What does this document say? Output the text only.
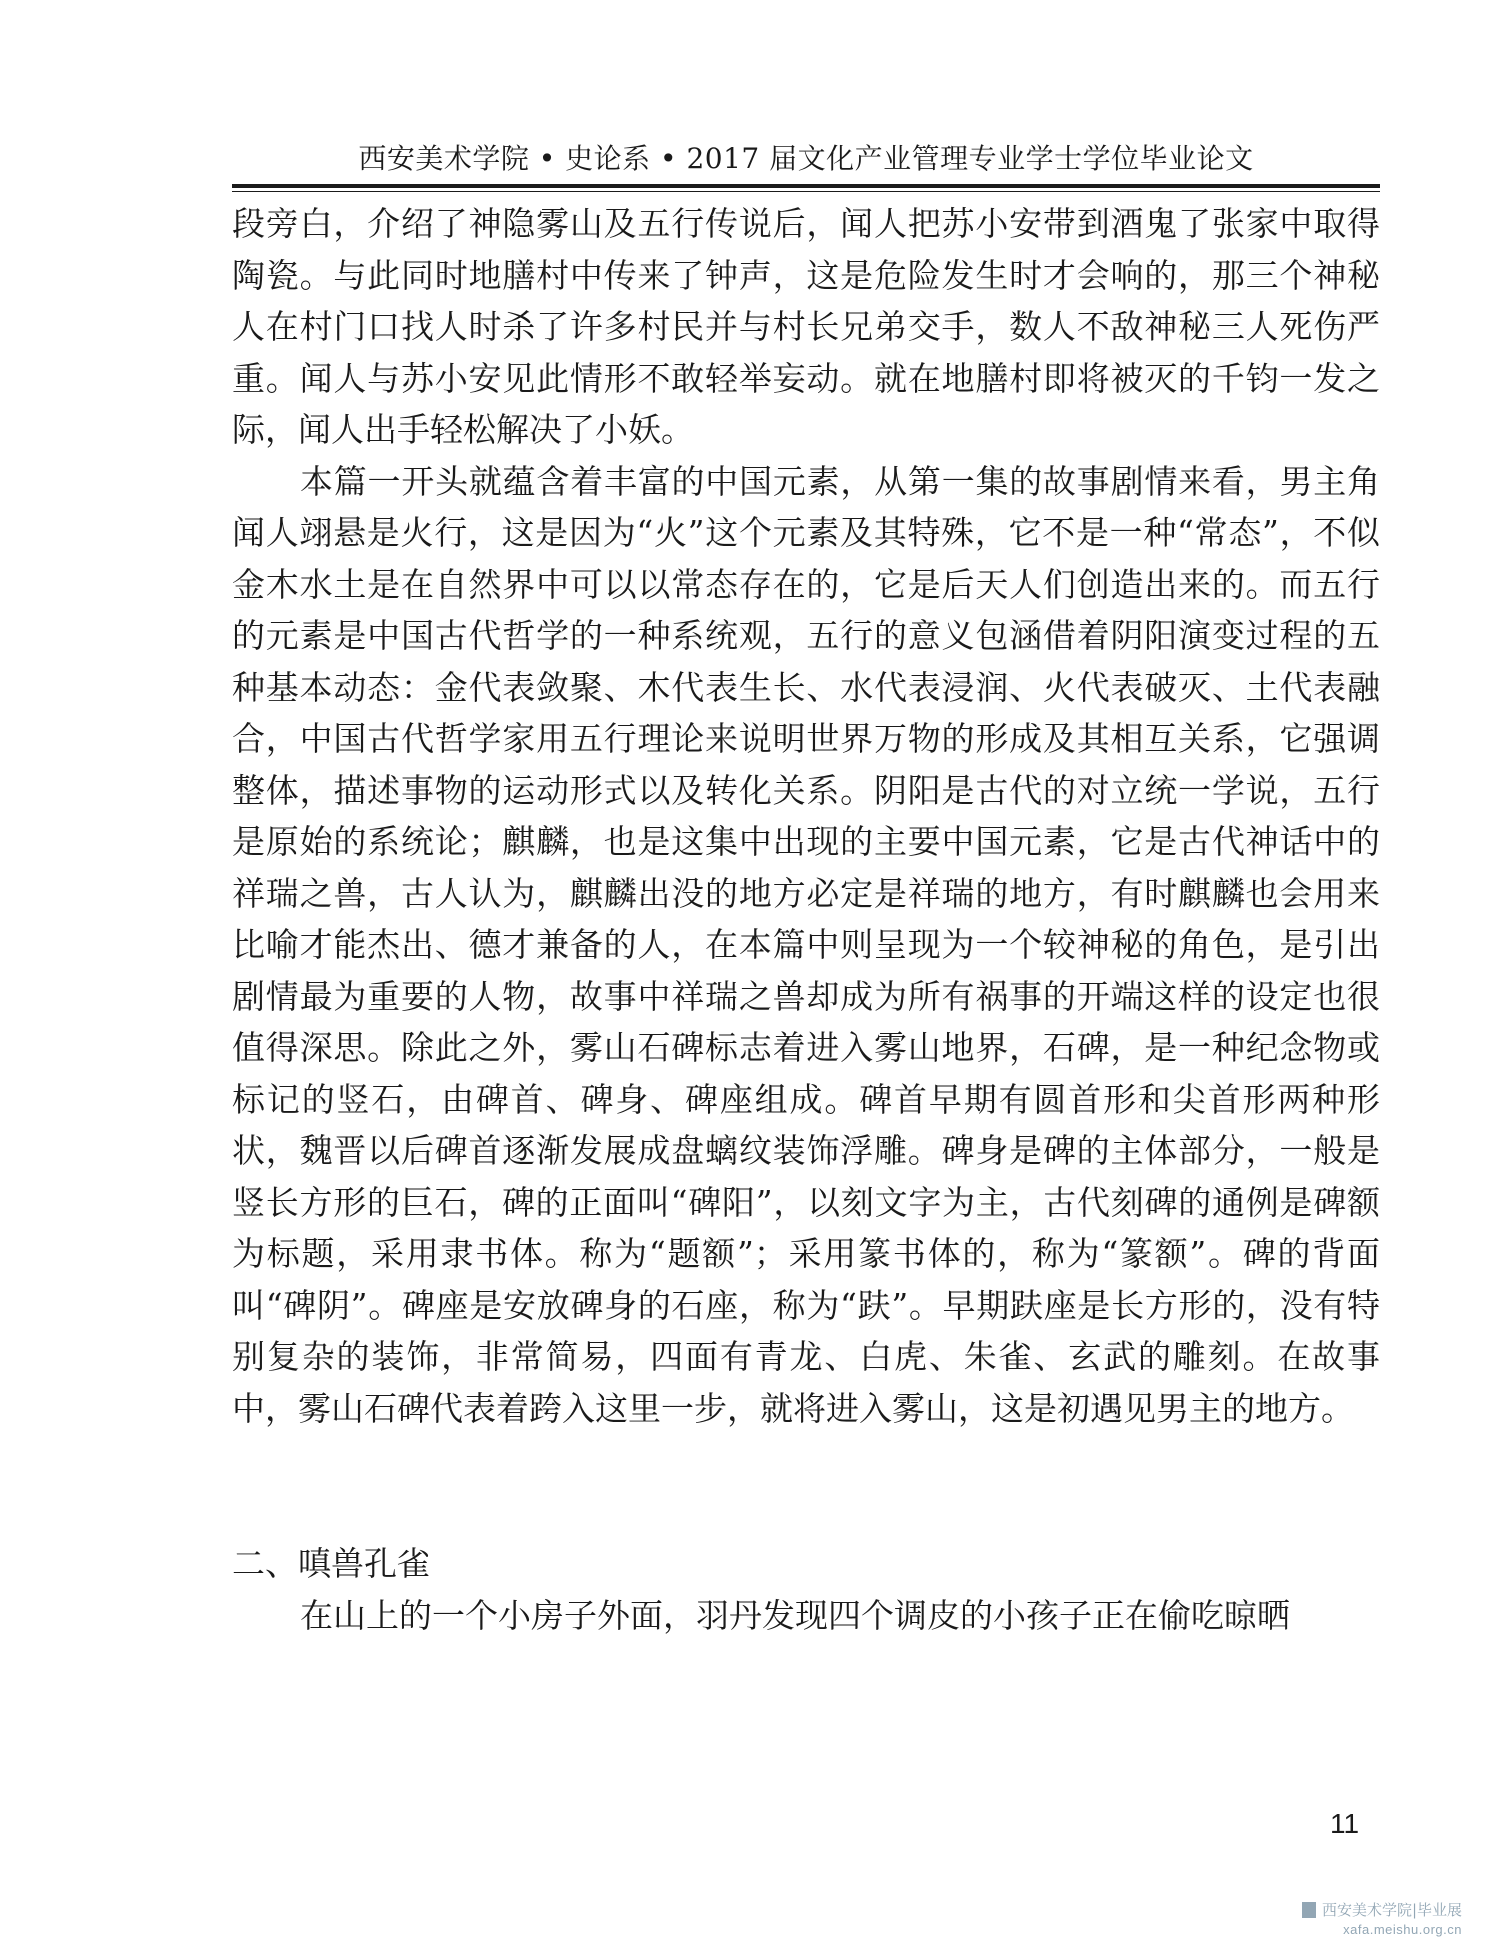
西安美术学院 • 史论系 • 2017 届文化产业管理专业学士学位毕业论文

段旁白，介绍了神隐雾山及五行传说后，闻人把苏小安带到酒鬼了张家中取得陶瓷。与此同时地膳村中传来了钟声，这是危险发生时才会响的，那三个神秘人在村门口找人时杀了许多村民并与村长兄弟交手，数人不敌神秘三人死伤严重。闻人与苏小安见此情形不敢轻举妄动。就在地膳村即将被灭的千钧一发之际，闻人出手轻松解决了小妖。

本篇一开头就蕴含着丰富的中国元素，从第一集的故事剧情来看，男主角闻人翊悬是火行，这是因为“火”这个元素及其特殊，它不是一种“常态”，不似金木水土是在自然界中可以以常态存在的，它是后天人们创造出来的。而五行的元素是中国古代哲学的一种系统观，五行的意义包涵借着阴阳演变过程的五种基本动态：金代表敛聚、木代表生长、水代表浸润、火代表破灭、土代表融合，中国古代哲学家用五行理论来说明世界万物的形成及其相互关系，它强调整体，描述事物的运动形式以及转化关系。阴阳是古代的对立统一学说，五行是原始的系统论；麒麟，也是这集中出现的主要中国元素，它是古代神话中的祥瑞之兽，古人认为，麒麟出没的地方必定是祥瑞的地方，有时麒麟也会用来比喻才能杰出、德才兼备的人，在本篇中则呈现为一个较神秘的角色，是引出剧情最为重要的人物，故事中祥瑞之兽却成为所有祸事的开端这样的设定也很值得深思。除此之外，雾山石碑标志着进入雾山地界，石碑，是一种纪念物或标记的竖石，由碑首、碑身、碑座组成。碑首早期有圆首形和尖首形两种形状，魏晋以后碑首逐渐发展成盘螭纹装饰浮雕。碑身是碑的主体部分，一般是竖长方形的巨石，碑的正面叫“碑阳”，以刻文字为主，古代刻碑的通例是碑额为标题，采用隶书体。称为“题额”；采用篆书体的，称为“篆额”。碑的背面叫“碑阴”。碑座是安放碑身的石座，称为“趺”。早期趺座是长方形的，没有特别复杂的装饰，非常简易，四面有青龙、白虎、朱雀、玄武的雕刻。在故事中，雾山石碑代表着跨入这里一步，就将进入雾山，这是初遇见男主的地方。

二、嗔兽孔雀

在山上的一个小房子外面，羽丹发现四个调皮的小孩子正在偷吃晾晒

11
西安美术学院|毕业展
xafa.meishu.org.cn
